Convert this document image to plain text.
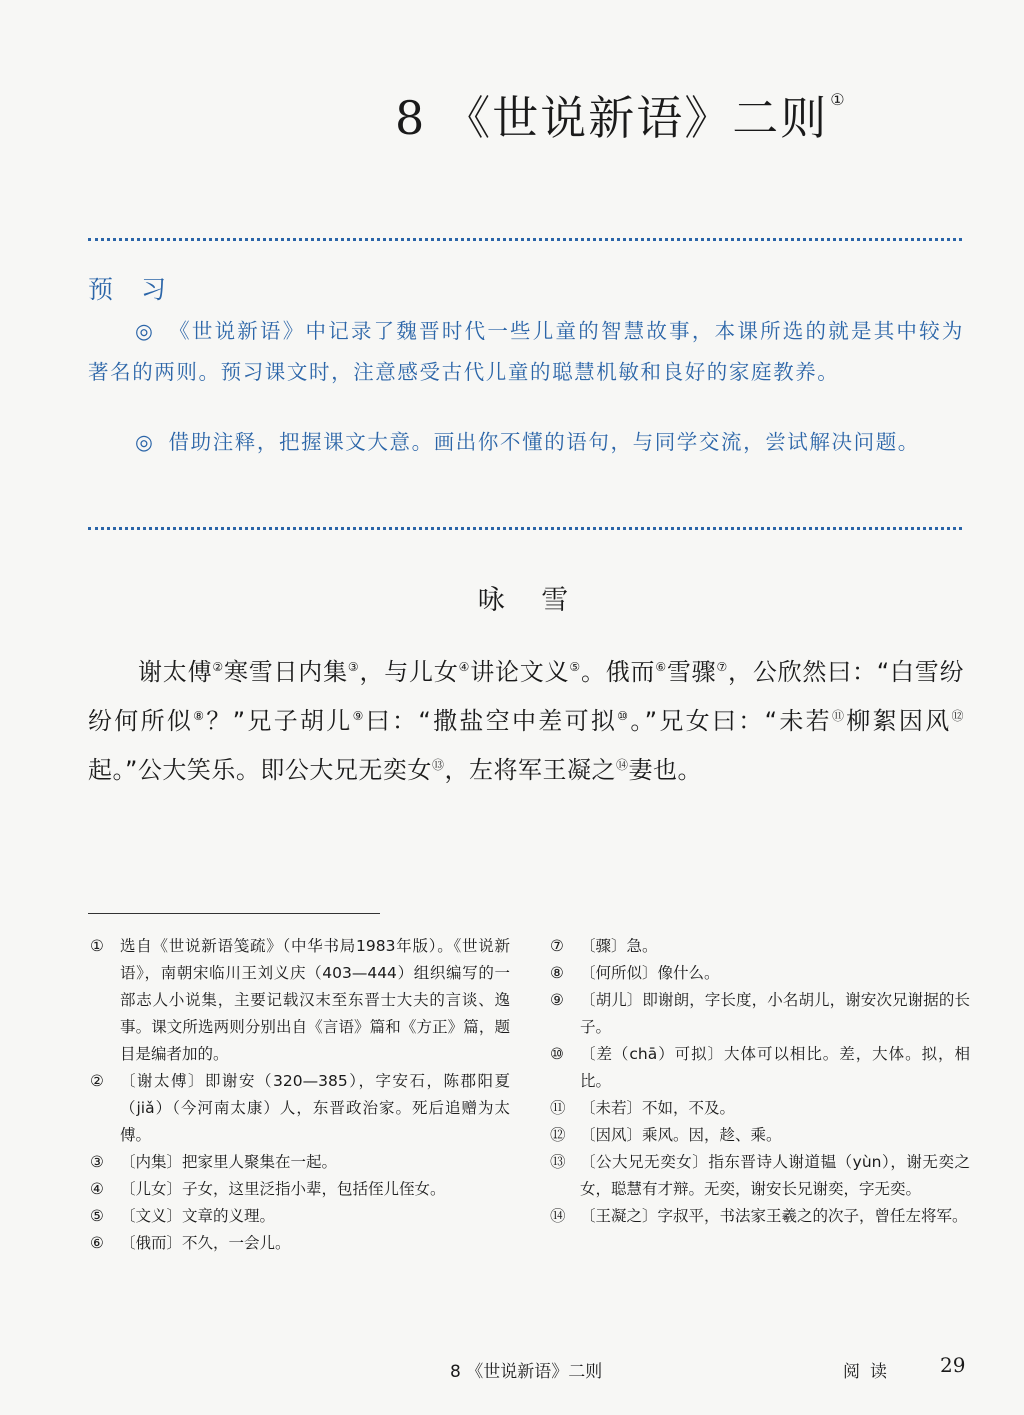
8 《世说新语》二则 ①
预 习

◎ 《世说新语》中记录了魏晋时代一些儿童的智慧故事，本课所选的就是其中较为著名的两则。预习课文时，注意感受古代儿童的聪慧机敏和良好的家庭教养。

◎ 借助注释，把握课文大意。画出你不懂的语句，与同学交流，尝试解决问题。

咏 雪

谢太傅②寒雪日内集③，与儿女④讲论文义⑤。俄而⑥雪骤⑦，公欣然曰：“白雪纷纷何所似⑧？”兄子胡儿⑨曰：“撒盐空中差可拟⑩。”兄女曰：“未若⑪柳絮因风⑫起。”公大笑乐。即公大兄无奕女⑬，左将军王凝之⑭妻也。

① 选自《世说新语笺疏》（中华书局1983年版）。《世说新语》，南朝宋临川王刘义庆（403—444）组织编写的一部志人小说集，主要记载汉末至东晋士大夫的言谈、逸事。课文所选两则分别出自《言语》篇和《方正》篇，题目是编者加的。

② 〔谢太傅〕即谢安（320—385），字安石，陈郡阳夏（jiǎ）（今河南太康）人，东晋政治家。死后追赠为太傅。

③ 〔内集〕把家里人聚集在一起。

④ 〔儿女〕子女，这里泛指小辈，包括侄儿侄女。

⑤ 〔文义〕文章的义理。

⑥ 〔俄而〕不久，一会儿。

⑦ 〔骤〕急。

⑧ 〔何所似〕像什么。

⑨ 〔胡儿〕即谢朗，字长度，小名胡儿，谢安次兄谢据的长子。

⑩ 〔差（chā）可拟〕大体可以相比。差，大体。拟，相比。

⑪ 〔未若〕不如，不及。

⑫ 〔因风〕乘风。因，趁、乘。

⑬ 〔公大兄无奕女〕指东晋诗人谢道韫（yùn），谢无奕之女，聪慧有才辩。无奕，谢安长兄谢奕，字无奕。

⑭ 〔王凝之〕字叔平，书法家王羲之的次子，曾任左将军。

8 《世说新语》二则	阅读 29
